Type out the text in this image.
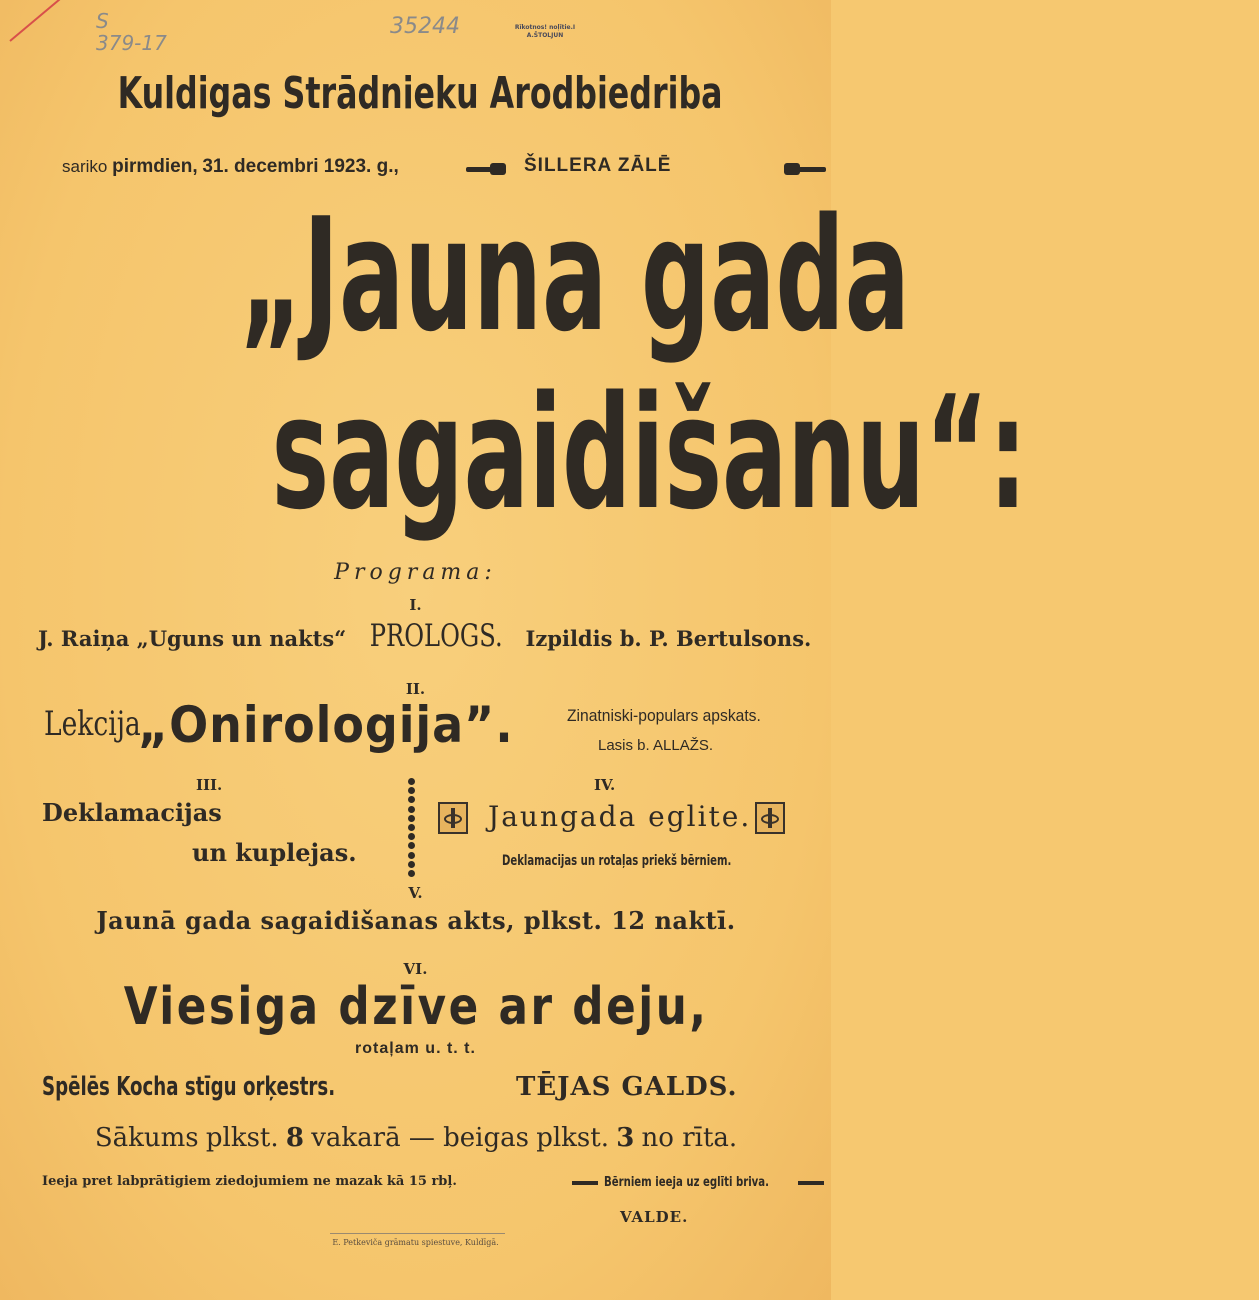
S
379-17
35244	Rīkotnos! noļītie.I
A.ŠTOLJUN
Kuldigas Strādnieku Arodbiedriba
sariko pirmdien, 31. decembri 1923. g.,
	ŠILLERA ZĀLĒ
„Jauna gada
sagaidišanu“:
Programa:
I.
J. Raiņa „Uguns un nakts“ PROLOGS. Izpildis b. P. Bertulsons.
II.
Lekcija
„Onirologija”.	Zinatniski-populars apskats.
Lasis b. ALLAŽS.
III.
Deklamacijas
un kuplejas.
IV.
Jaungada eglite.
Deklamacijas un rotaļas priekš bērniem.
V.
Jaunā gada sagaidišanas akts, plkst. 12 naktī.
VI.
Viesiga dzīve ar deju,
rotaļam u. t. t.
Spēlēs Kocha stīgu orķestrs.	TĒJAS GALDS.
Sākums plkst. 8 vakarā — beigas plkst. 3 no rīta.
Ieeja pret labprātigiem ziedojumiem ne mazak kā 15 rbļ.	Bērniem ieeja uz eglīti briva.
VALDE.
E. Petkeviča grāmatu spiestuve, Kuldīgā.
